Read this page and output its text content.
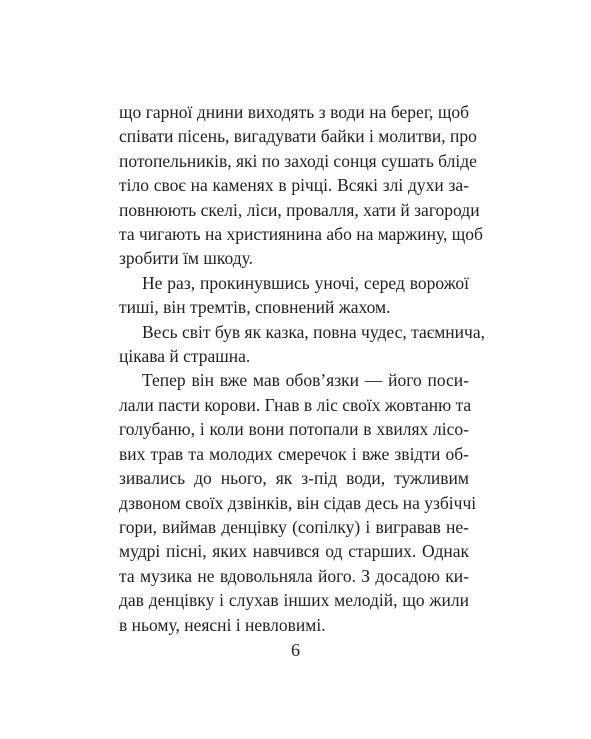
що гарної днини виходять з води на берег, щоб
співати пісень, вигадувати байки і молитви, про
потопельників, які по заході сонця сушать бліде
тіло своє на каменях в річці. Всякі злі духи за-
повнюють скелі, ліси, провалля, хати й загороди
та чигають на християнина або на маржину, щоб
зробити їм шкоду.
Не раз, прокинувшись уночі, серед ворожої
тиші, він тремтів, сповнений жахом.
Весь світ був як казка, повна чудес, таємнича,
цікава й страшна.
Тепер він вже мав обов’язки — його поси-
лали пасти корови. Гнав в ліс своїх жовтаню та
голубаню, і коли вони потопали в хвилях лісо-
вих трав та молодих смеречок і вже звідти об-
зивались до нього, як з-під води, тужливим
дзвоном своїх дзвінків, він сідав десь на узбіччі
гори, виймав денцівку (сопілку) і вигравав не-
мудрі пісні, яких навчився од старших. Однак
та музика не вдовольняла його. З досадою ки-
дав денцівку і слухав інших мелодій, що жили
в ньому, неясні і невловимі.
6
